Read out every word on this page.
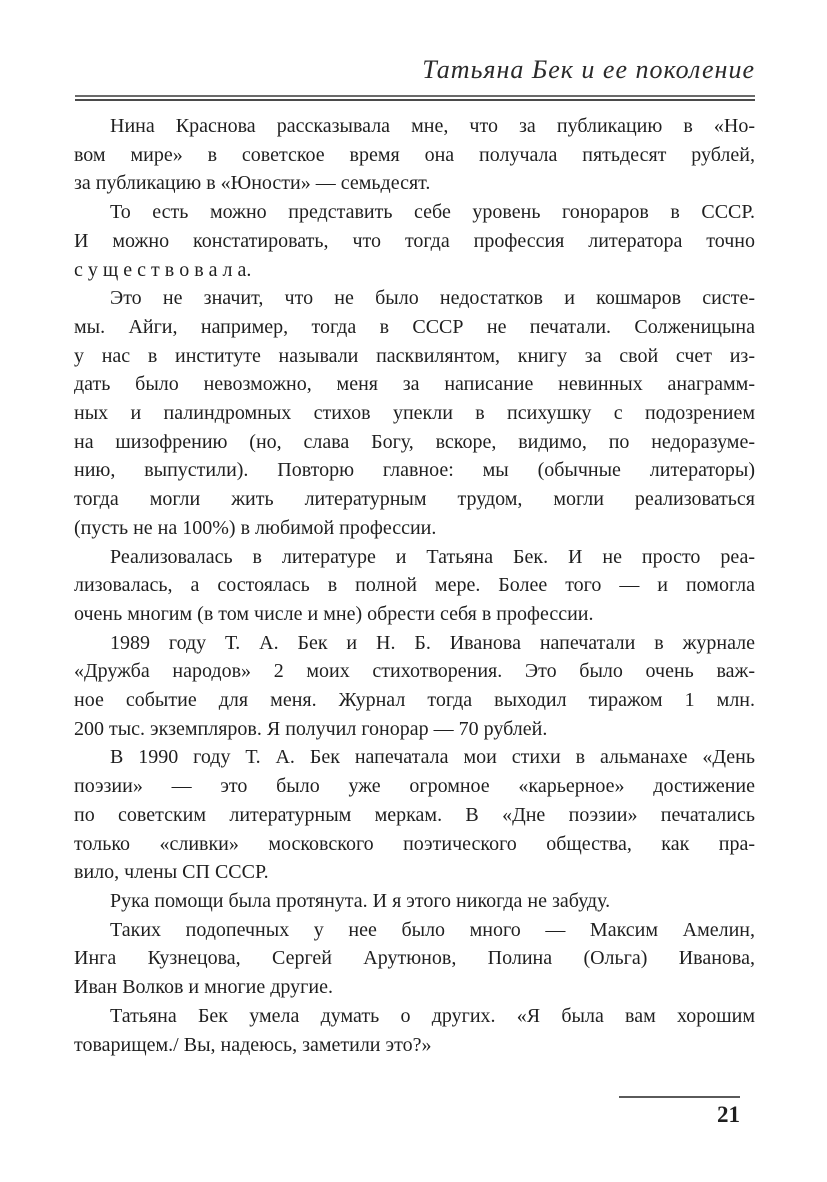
Татьяна Бек и ее поколение

Нина Краснова рассказывала мне, что за публикацию в «Но-
вом мире» в советское время она получала пятьдесят рублей,
за публикацию в «Юности» — семьдесят.

То есть можно представить себе уровень гонораров в СССР.
И можно констатировать, что тогда профессия литератора точно
с у щ е с т в о в а л а.

Это не значит, что не было недостатков и кошмаров систе-
мы. Айги, например, тогда в СССР не печатали. Солженицына
у нас в институте называли пасквилянтом, книгу за свой счет из-
дать было невозможно, меня за написание невинных анаграмм-
ных и палиндромных стихов упекли в психушку с подозрением
на шизофрению (но, слава Богу, вскоре, видимо, по недоразуме-
нию, выпустили). Повторю главное: мы (обычные литераторы)
тогда могли жить литературным трудом, могли реализоваться
(пусть не на 100%) в любимой профессии.

Реализовалась в литературе и Татьяна Бек. И не просто реа-
лизовалась, а состоялась в полной мере. Более того — и помогла
очень многим (в том числе и мне) обрести себя в профессии.

1989 году Т. А. Бек и Н. Б. Иванова напечатали в журнале
«Дружба народов» 2 моих стихотворения. Это было очень важ-
ное событие для меня. Журнал тогда выходил тиражом 1 млн.
200 тыс. экземпляров. Я получил гонорар — 70 рублей.

В 1990 году Т. А. Бек напечатала мои стихи в альманахе «День
поэзии» — это было уже огромное «карьерное» достижение
по советским литературным меркам. В «Дне поэзии» печатались
только «сливки» московского поэтического общества, как пра-
вило, члены СП СССР.

Рука помощи была протянута. И я этого никогда не забуду.

Таких подопечных у нее было много — Максим Амелин,
Инга Кузнецова, Сергей Арутюнов, Полина (Ольга) Иванова,
Иван Волков и многие другие.

Татьяна Бек умела думать о других. «Я была вам хорошим
товарищем./ Вы, надеюсь, заметили это?»

21
